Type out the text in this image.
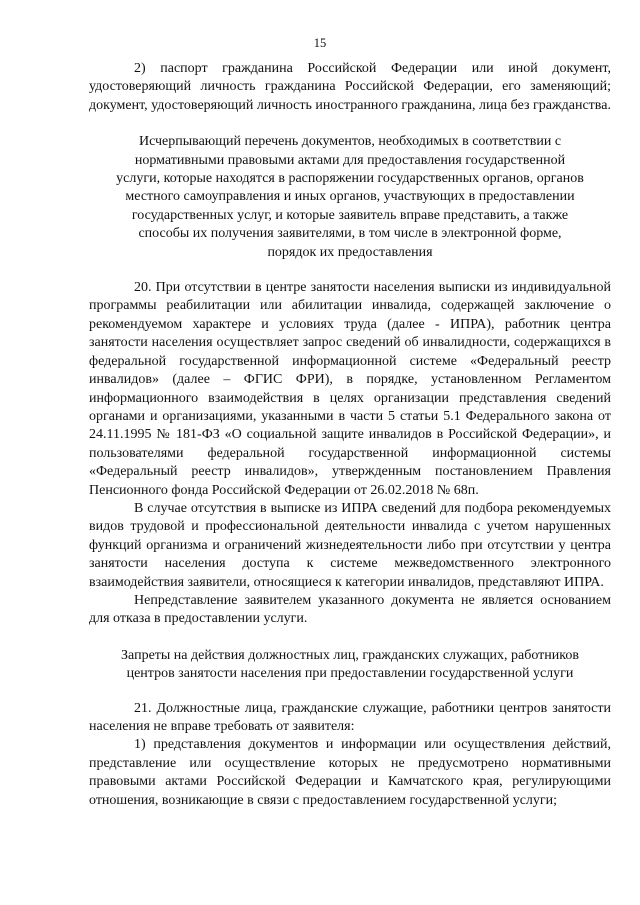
15

2) паспорт гражданина Российской Федерации или иной документ, удостоверяющий личность гражданина Российской Федерации, его заменяющий; документ, удостоверяющий личность иностранного гражданина, лица без гражданства.

Исчерпывающий перечень документов, необходимых в соответствии с нормативными правовыми актами для предоставления государственной услуги, которые находятся в распоряжении государственных органов, органов местного самоуправления и иных органов, участвующих в предоставлении государственных услуг, и которые заявитель вправе представить, а также способы их получения заявителями, в том числе в электронной форме, порядок их предоставления

20. При отсутствии в центре занятости населения выписки из индивидуальной программы реабилитации или абилитации инвалида, содержащей заключение о рекомендуемом характере и условиях труда (далее - ИПРА), работник центра занятости населения осуществляет запрос сведений об инвалидности, содержащихся в федеральной государственной информационной системе «Федеральный реестр инвалидов» (далее – ФГИС ФРИ), в порядке, установленном Регламентом информационного взаимодействия в целях организации представления сведений органами и организациями, указанными в части 5 статьи 5.1 Федерального закона от 24.11.1995 № 181-ФЗ «О социальной защите инвалидов в Российской Федерации», и пользователями федеральной государственной информационной системы «Федеральный реестр инвалидов», утвержденным постановлением Правления Пенсионного фонда Российской Федерации от 26.02.2018 № 68п.

В случае отсутствия в выписке из ИПРА сведений для подбора рекомендуемых видов трудовой и профессиональной деятельности инвалида с учетом нарушенных функций организма и ограничений жизнедеятельности либо при отсутствии у центра занятости населения доступа к системе межведомственного электронного взаимодействия заявители, относящиеся к категории инвалидов, представляют ИПРА.

Непредставление заявителем указанного документа не является основанием для отказа в предоставлении услуги.

Запреты на действия должностных лиц, гражданских служащих, работников центров занятости населения при предоставлении государственной услуги

21. Должностные лица, гражданские служащие, работники центров занятости населения не вправе требовать от заявителя:

1) представления документов и информации или осуществления действий, представление или осуществление которых не предусмотрено нормативными правовыми актами Российской Федерации и Камчатского края, регулирующими отношения, возникающие в связи с предоставлением государственной услуги;
